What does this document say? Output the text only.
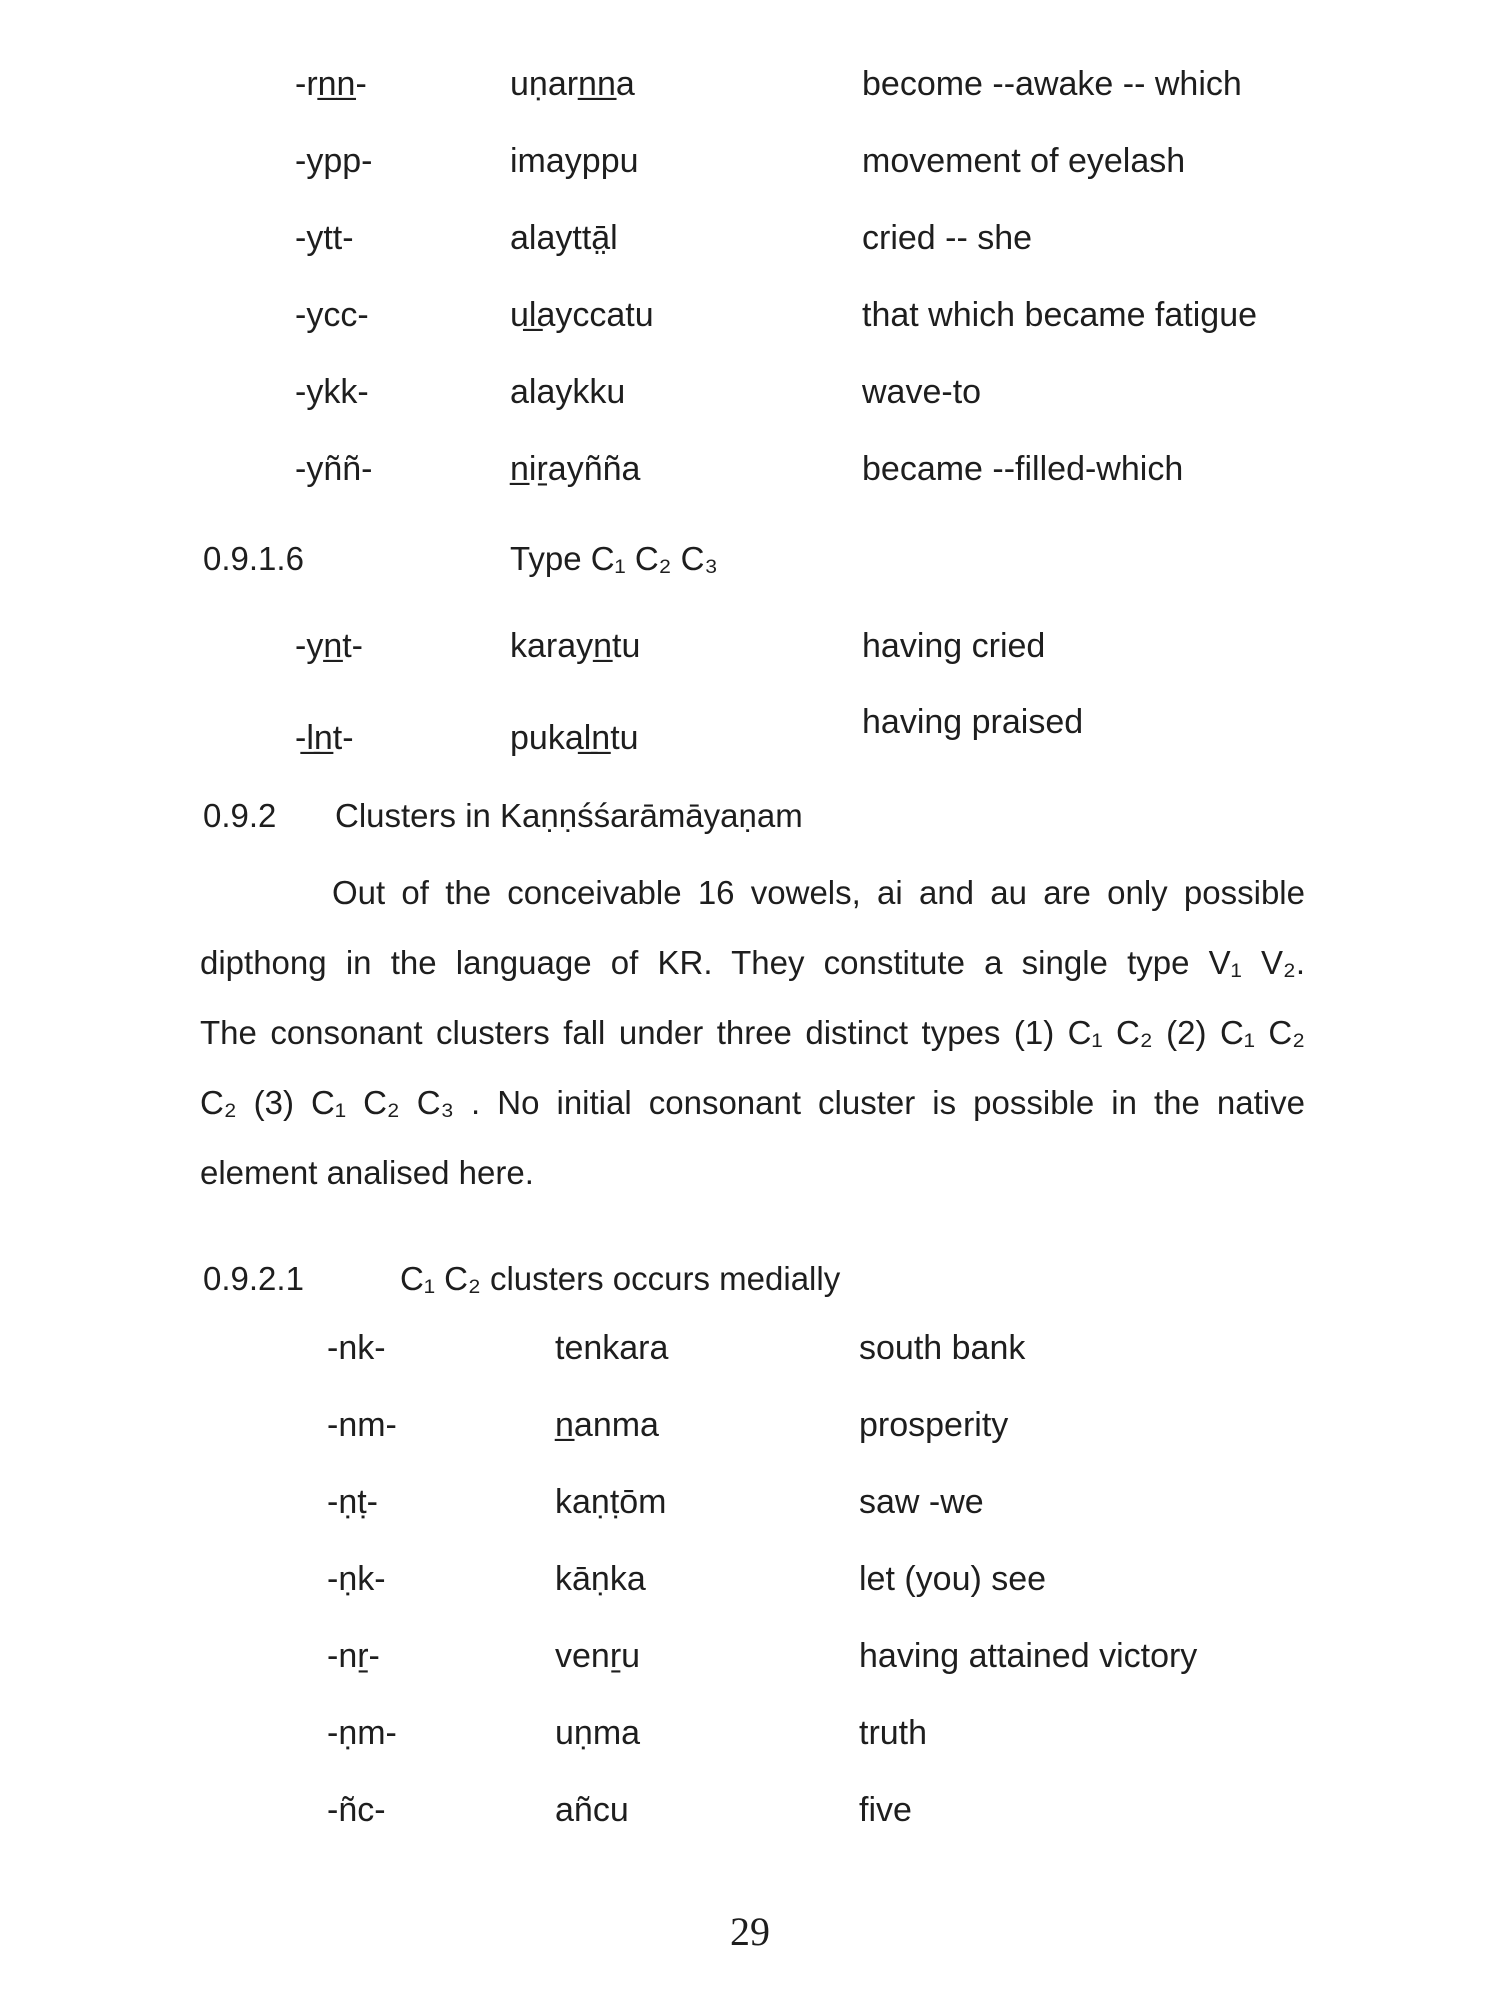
-rn̲n̲-	uṇarn̲n̲a	become --awake -- which
-ypp-	imayppu	movement of eyelash
-ytt-	alayttā̤l	cried -- she
-ycc-	ul̲ayccatu	that which became fatigue
-ykk-	alaykku	wave-to
-yññ-	n̲iṟayñña	became --filled-which
0.9.1.6	Type C₁ C₂ C₃
-yn̲t-	karayn̲tu	having cried
-l̲n̲t-	pukal̲n̲tu	having praised
0.9.2 Clusters in Kaṇṇśśarāmāyaṇam
Out of the conceivable 16 vowels, ai and au are only possible
dipthong in the language of KR. They constitute a single type V₁ V₂.
The consonant clusters fall under three distinct types (1) C₁ C₂ (2) C₁ C₂
C₂ (3) C₁ C₂ C₃ . No initial consonant cluster is possible in the native
element analised here.
0.9.2.1	C₁ C₂ clusters occurs medially
-nk-	tenkara	south bank
-nm-	n̲anma	prosperity
-ṇṭ-	kaṇṭōm	saw -we
-ṇk-	kāṇka	let (you) see
-nṟ-	venṟu	having attained victory
-ṇm-	uṇma	truth
-ñc-	añcu	five
29
